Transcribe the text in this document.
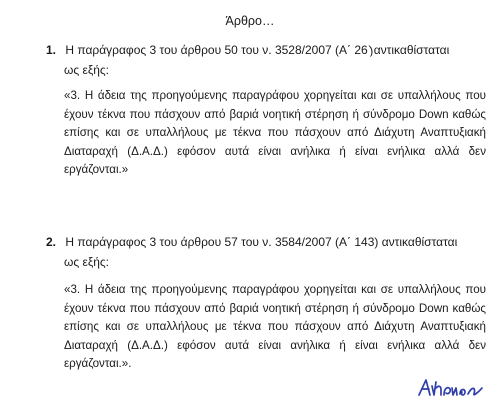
Άρθρο…
1. Η παράγραφος 3 του άρθρου 50 του ν. 3528/2007 (Α΄ 26)αντικαθίσταται
ως εξής:
«3. Η άδεια της προηγούμενης παραγράφου χορηγείται και σε υπαλλήλους που
έχουν τέκνα που πάσχουν από βαριά νοητική στέρηση ή σύνδρομο Down καθώς
επίσης και σε υπαλλήλους με τέκνα που πάσχουν από Διάχυτη Αναπτυξιακή
Διαταραχή (Δ.Α.Δ.) εφόσον αυτά είναι ανήλικα ή είναι ενήλικα αλλά δεν
εργάζονται.»
2. Η παράγραφος 3 του άρθρου 57 του ν. 3584/2007 (Α΄ 143) αντικαθίσταται
ως εξής:
«3. Η άδεια της προηγούμενης παραγράφου χορηγείται και σε υπαλλήλους που
έχουν τέκνα που πάσχουν από βαριά νοητική στέρηση ή σύνδρομο Down καθώς
επίσης και σε υπαλλήλους με τέκνα που πάσχουν από Διάχυτη Αναπτυξιακή
Διαταραχή (Δ.Α.Δ.) εφόσον αυτά είναι ανήλικα ή είναι ενήλικα αλλά δεν
εργάζονται.».
